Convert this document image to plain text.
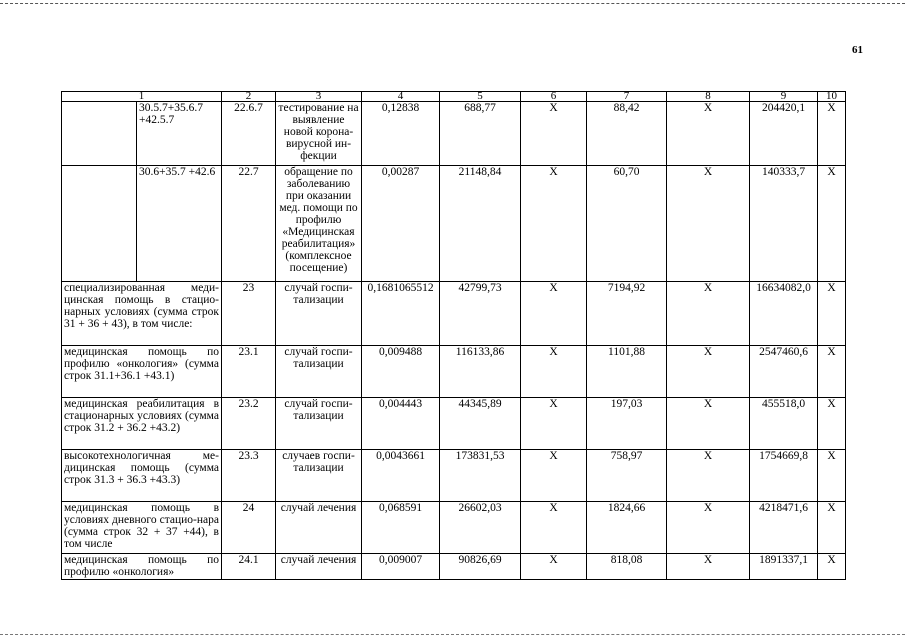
61
1		2	3	4	5	6	7	8	9	10
	30.5.7+35.6.7 +42.5.7	22.6.7	тестирование на выявление новой корона-вирусной ин-фекции	0,12838	688,77	X	88,42	X	204420,1	X
	30.6+35.7 +42.6	22.7	обращение по заболеванию при оказании мед. помощи по профилю «Медицинская реабилитация» (комплексное посещение)	0,00287	21148,84	X	60,70	X	140333,7	X
специализированная меди-цинская помощь в стацио-нарных условиях (сумма строк 31 + 36 + 43), в том числе:		23	случай госпи-тализации	0,1681065512	42799,73	X	7194,92	X	16634082,0	X
медицинская помощь по профилю «онкология» (сумма строк 31.1+36.1 +43.1)		23.1	случай госпи-тализации	0,009488	116133,86	X	1101,88	X	2547460,6	X
медицинская реабилитация в стационарных условиях (сумма строк 31.2 + 36.2 +43.2)		23.2	случай госпи-тализации	0,004443	44345,89	X	197,03	X	455518,0	X
высокотехнологичная ме-дицинская помощь (сумма строк 31.3 + 36.3 +43.3)		23.3	случаев госпи-тализации	0,0043661	173831,53	X	758,97	X	1754669,8	X
медицинская помощь в условиях дневного стацио-нара (сумма строк 32 + 37 +44), в том числе		24	случай лечения	0,068591	26602,03	X	1824,66	X	4218471,6	X
медицинская помощь по профилю «онкология»		24.1	случай лечения	0,009007	90826,69	X	818,08	X	1891337,1	X
